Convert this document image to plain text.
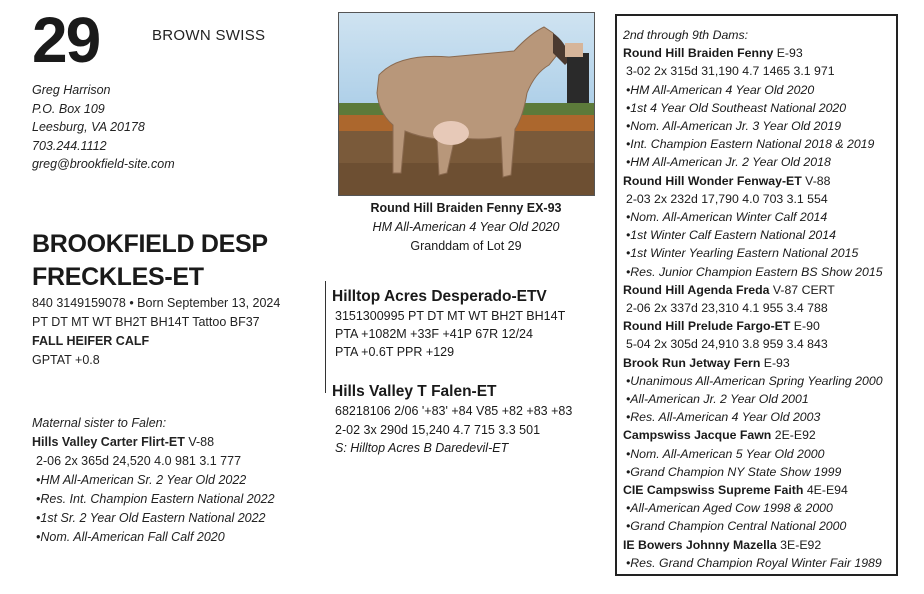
29	BROWN SWISS
Greg Harrison
P.O. Box 109
Leesburg, VA 20178
703.244.1112
greg@brookfield-site.com
BROOKFIELD DESP
FRECKLES-ET
840 3149159078 • Born September 13, 2024
PT DT MT WT BH2T BH14T Tattoo BF37
FALL HEIFER CALF
GPTAT +0.8
Maternal sister to Falen:
Hills Valley Carter Flirt-ET V-88
2-06 2x 365d 24,520 4.0 981 3.1 777
•HM All-American Sr. 2 Year Old 2022
•Res. Int. Champion Eastern National 2022
•1st Sr. 2 Year Old Eastern National 2022
•Nom. All-American Fall Calf 2020
Round Hill Braiden Fenny EX-93
HM All-American 4 Year Old 2020
Granddam of Lot 29
Hilltop Acres Desperado-ETV
3151300995 PT DT MT WT BH2T BH14T
PTA +1082M +33F +41P 67R 12/24
PTA +0.6T PPR +129
Hills Valley T Falen-ET
68218106 2/06 '+83' +84 V85 +82 +83 +83
2-02 3x 290d 15,240 4.7 715 3.3 501
S: Hilltop Acres B Daredevil-ET
2nd through 9th Dams:
Round Hill Braiden Fenny E-93
3-02 2x 315d 31,190 4.7 1465 3.1 971
•HM All-American 4 Year Old 2020
•1st 4 Year Old Southeast National 2020
•Nom. All-American Jr. 3 Year Old 2019
•Int. Champion Eastern National 2018 & 2019
•HM All-American Jr. 2 Year Old 2018
Round Hill Wonder Fenway-ET V-88
2-03 2x 232d 17,790 4.0 703 3.1 554
•Nom. All-American Winter Calf 2014
•1st Winter Calf Eastern National 2014
•1st Winter Yearling Eastern National 2015
•Res. Junior Champion Eastern BS Show 2015
Round Hill Agenda Freda V-87 CERT
2-06 2x 337d 23,310 4.1 955 3.4 788
Round Hill Prelude Fargo-ET E-90
5-04 2x 305d 24,910 3.8 959 3.4 843
Brook Run Jetway Fern E-93
•Unanimous All-American Spring Yearling 2000
•All-American Jr. 2 Year Old 2001
•Res. All-American 4 Year Old 2003
Campswiss Jacque Fawn 2E-E92
•Nom. All-American 5 Year Old 2000
•Grand Champion NY State Show 1999
CIE Campswiss Supreme Faith 4E-E94
•All-American Aged Cow 1998 & 2000
•Grand Champion Central National 2000
IE Bowers Johnny Mazella 3E-E92
•Res. Grand Champion Royal Winter Fair 1989
